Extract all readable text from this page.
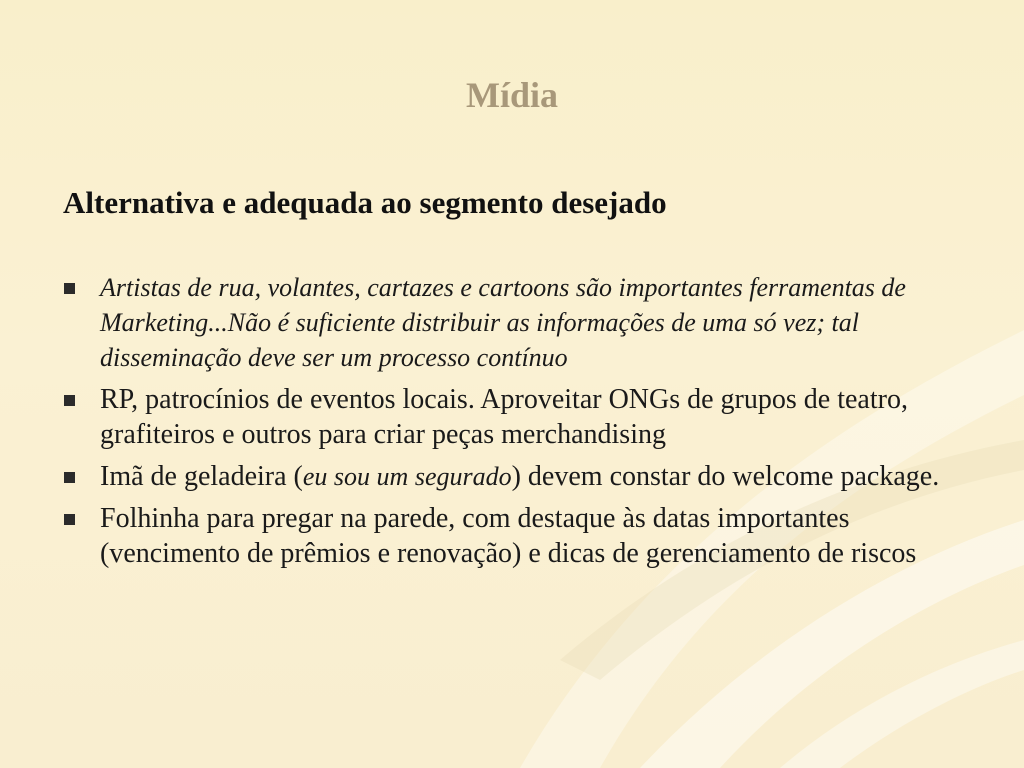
Mídia
Alternativa e adequada ao segmento desejado
Artistas de rua, volantes, cartazes e cartoons são importantes ferramentas de Marketing...Não é suficiente distribuir as informações de uma só vez; tal disseminação deve ser um processo contínuo
RP, patrocínios de eventos locais. Aproveitar ONGs de grupos de teatro, grafiteiros e outros para criar peças merchandising
Imã de geladeira (eu sou um segurado) devem constar do welcome package.
Folhinha para pregar na parede, com destaque às datas importantes (vencimento de prêmios e renovação) e dicas de gerenciamento de riscos
